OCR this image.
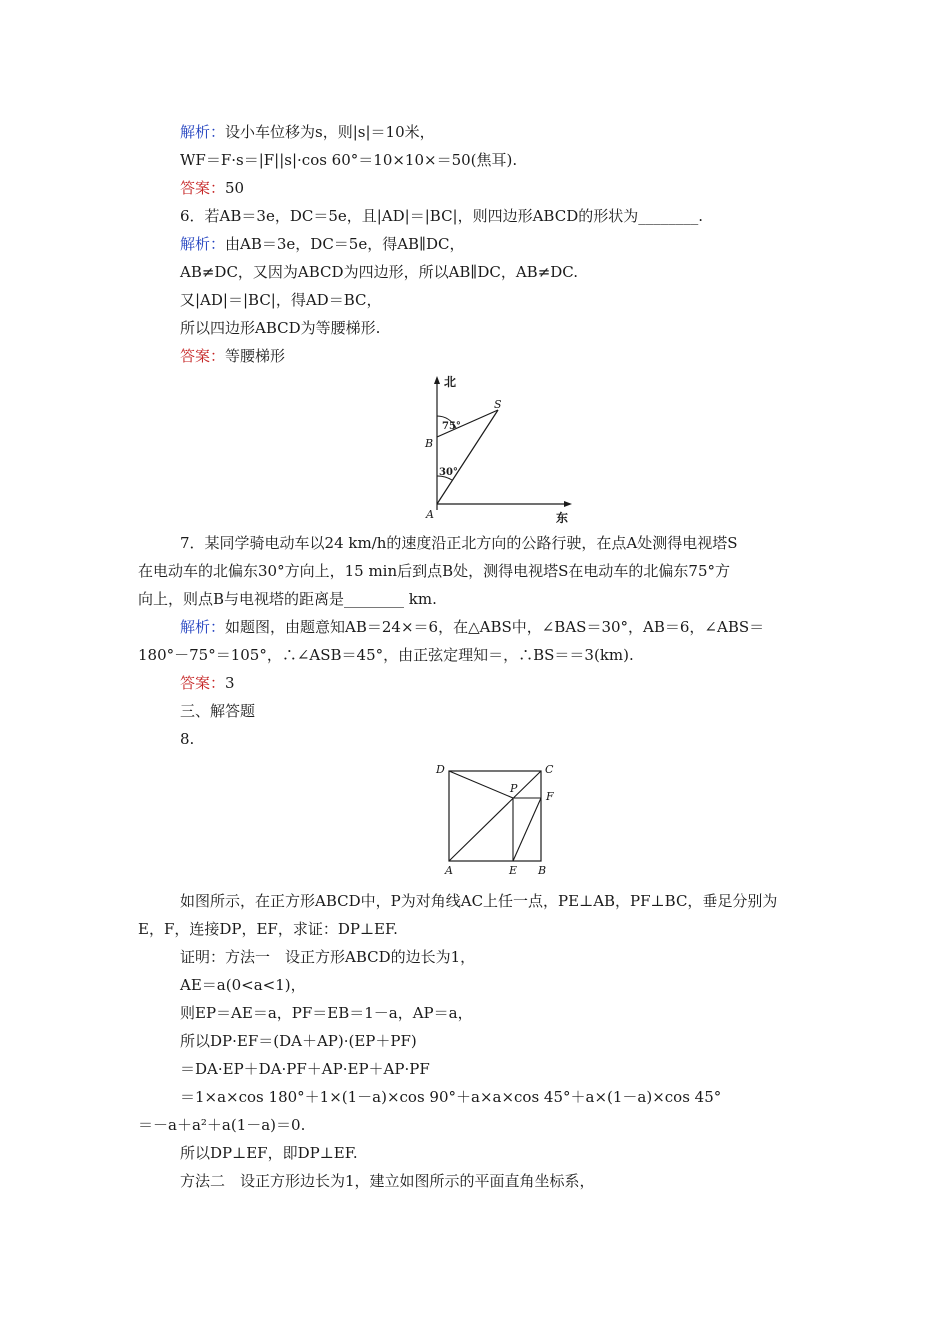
解析：设小车位移为s，则|s|＝10米，
WF＝F·s＝|F||s|·cos 60°＝10×10×＝50(焦耳).
答案：50
6．若AB＝3e，DC＝5e，且|AD|＝|BC|，则四边形ABCD的形状为________.
解析：由AB＝3e，DC＝5e，得AB∥DC，
AB≠DC，又因为ABCD为四边形，所以AB∥DC，AB≠DC.
又|AD|＝|BC|，得AD＝BC，
所以四边形ABCD为等腰梯形.
答案：等腰梯形
北
东
75°
30°
B
A
S
7．某同学骑电动车以24 km/h的速度沿正北方向的公路行驶，在点A处测得电视塔S
在电动车的北偏东30°方向上，15 min后到点B处，测得电视塔S在电动车的北偏东75°方
向上，则点B与电视塔的距离是________ km.
解析：如题图，由题意知AB＝24×＝6，在△ABS中，∠BAS＝30°，AB＝6，∠ABS＝
180°－75°＝105°，∴∠ASB＝45°，由正弦定理知＝，∴BS＝＝3(km).
答案：3
三、解答题
8.
D	C
P
F
A	E B
如图所示，在正方形ABCD中，P为对角线AC上任一点，PE⊥AB，PF⊥BC，垂足分别为
E，F，连接DP，EF，求证：DP⊥EF.
证明：方法一　设正方形ABCD的边长为1，
AE＝a(0<a<1)，
则EP＝AE＝a，PF＝EB＝1－a，AP＝a，
所以DP·EF＝(DA＋AP)·(EP＋PF)
＝DA·EP＋DA·PF＋AP·EP＋AP·PF
＝1×a×cos 180°＋1×(1－a)×cos 90°＋a×a×cos 45°＋a×(1－a)×cos 45°
＝－a＋a²＋a(1－a)＝0.
所以DP⊥EF，即DP⊥EF.
方法二　设正方形边长为1，建立如图所示的平面直角坐标系，
